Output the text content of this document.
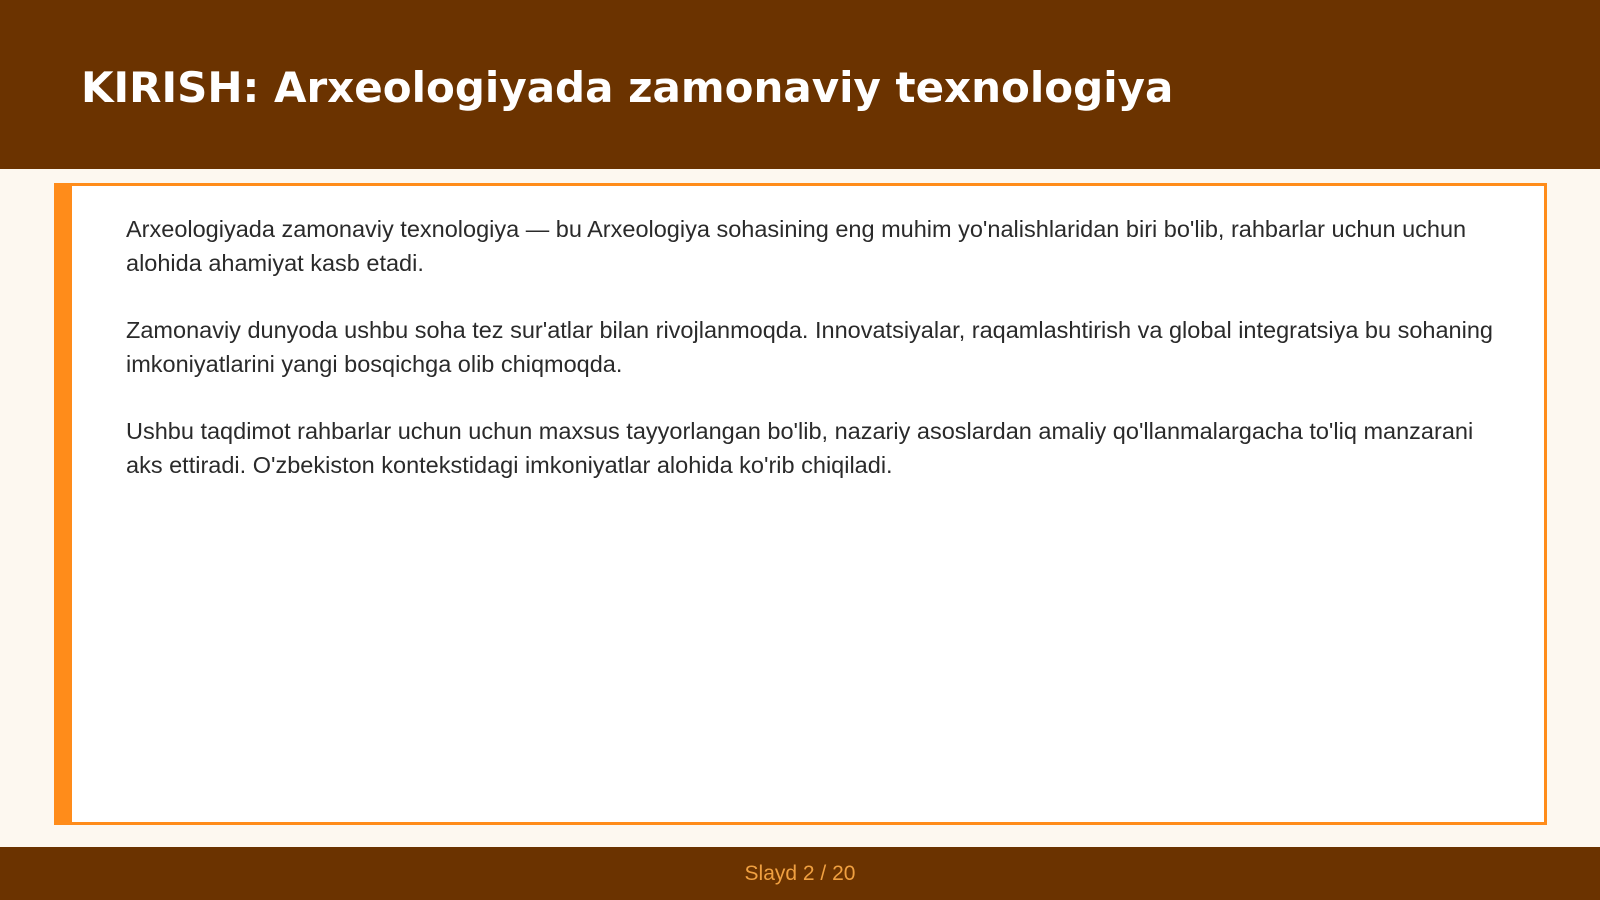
KIRISH: Arxeologiyada zamonaviy texnologiya

Arxeologiyada zamonaviy texnologiya — bu Arxeologiya sohasining eng muhim yo'nalishlaridan biri bo'lib, rahbarlar uchun uchun alohida ahamiyat kasb etadi.

Zamonaviy dunyoda ushbu soha tez sur'atlar bilan rivojlanmoqda. Innovatsiyalar, raqamlashtirish va global integratsiya bu sohaning imkoniyatlarini yangi bosqichga olib chiqmoqda.

Ushbu taqdimot rahbarlar uchun uchun maxsus tayyorlangan bo'lib, nazariy asoslardan amaliy qo'llanmalargacha to'liq manzarani aks ettiradi. O'zbekiston kontekstidagi imkoniyatlar alohida ko'rib chiqiladi.

Slayd 2 / 20
